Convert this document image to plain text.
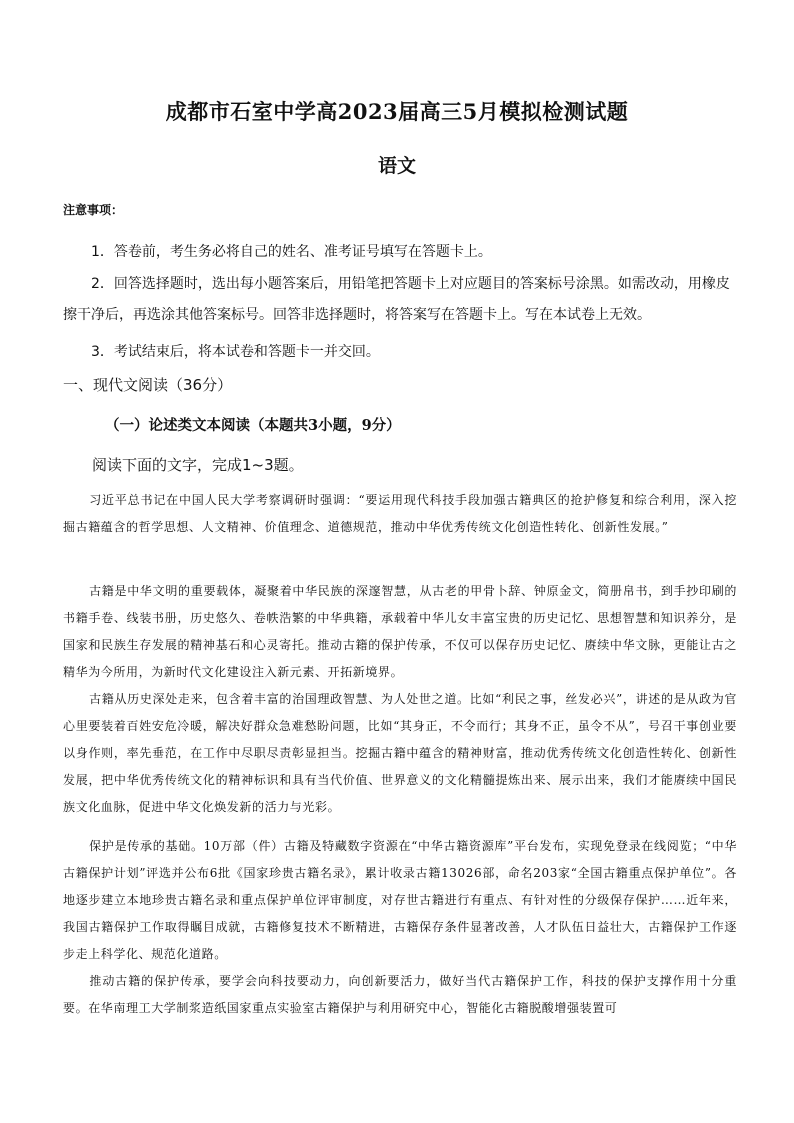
成都市石室中学高2023届高三5月模拟检测试题
语文
注意事项：
1．答卷前，考生务必将自己的姓名、准考证号填写在答题卡上。
2．回答选择题时，选出每小题答案后，用铅笔把答题卡上对应题目的答案标号涂黑。如需改动，用橡皮擦干净后，再选涂其他答案标号。回答非选择题时，将答案写在答题卡上。写在本试卷上无效。
3．考试结束后，将本试卷和答题卡一并交回。
一、现代文阅读（36分）
（一）论述类文本阅读（本题共3小题，9分）
阅读下面的文字，完成1~3题。
习近平总书记在中国人民大学考察调研时强调：“要运用现代科技手段加强古籍典区的抢护修复和综合利用，深入挖掘古籍蕴含的哲学思想、人文精神、价值理念、道德规范，推动中华优秀传统文化创造性转化、创新性发展。”
古籍是中华文明的重要载体，凝聚着中华民族的深邃智慧，从古老的甲骨卜辞、钟原金文，简册帛书，到手抄印刷的书籍手卷、线装书册，历史悠久、卷帙浩繁的中华典籍，承载着中华儿女丰富宝贵的历史记忆、思想智慧和知识养分，是国家和民族生存发展的精神基石和心灵寄托。推动古籍的保护传承，不仅可以保存历史记忆、赓续中华文脉，更能让古之精华为今所用，为新时代文化建设注入新元素、开拓新境界。
古籍从历史深处走来，包含着丰富的治国理政智慧、为人处世之道。比如“利民之事，丝发必兴”，讲述的是从政为官心里要装着百姓安危冷暖，解决好群众急难愁盼问题，比如“其身正，不令而行；其身不正，虽令不从”，号召干事创业要以身作则，率先垂范，在工作中尽职尽责彰显担当。挖掘古籍中蕴含的精神财富，推动优秀传统文化创造性转化、创新性发展，把中华优秀传统文化的精神标识和具有当代价值、世界意义的文化精髓提炼出来、展示出来，我们才能赓续中国民族文化血脉，促进中华文化焕发新的活力与光彩。
保护是传承的基础。10万部（件）古籍及特藏数字资源在“中华古籍资源库”平台发布，实现免登录在线阅览；“中华古籍保护计划”评选并公布6批《国家珍贵古籍名录》，累计收录古籍13026部，命名203家“全国古籍重点保护单位”。各地逐步建立本地珍贵古籍名录和重点保护单位评审制度，对存世古籍进行有重点、有针对性的分级保存保护……近年来，我国古籍保护工作取得瞩目成就，古籍修复技术不断精进，古籍保存条件显著改善，人才队伍日益壮大，古籍保护工作逐步走上科学化、规范化道路。
推动古籍的保护传承，要学会向科技要动力，向创新要活力，做好当代古籍保护工作，科技的保护支撑作用十分重要。在华南理工大学制浆造纸国家重点实验室古籍保护与利用研究中心，智能化古籍脱酸增强装置可
